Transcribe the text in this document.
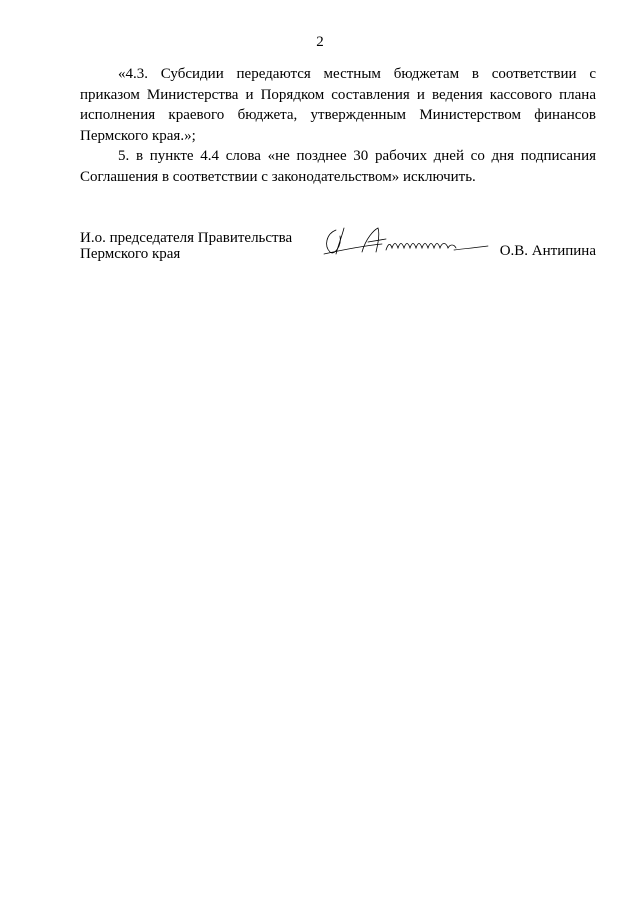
2

«4.3. Субсидии передаются местным бюджетам в соответствии с приказом Министерства и Порядком составления и ведения кассового плана исполнения краевого бюджета, утвержденным Министерством финансов Пермского края.»;

5. в пункте 4.4 слова «не позднее 30 рабочих дней со дня подписания Соглашения в соответствии с законодательством» исключить.

И.о. председателя Правительства
Пермского края	О.В. Антипина
